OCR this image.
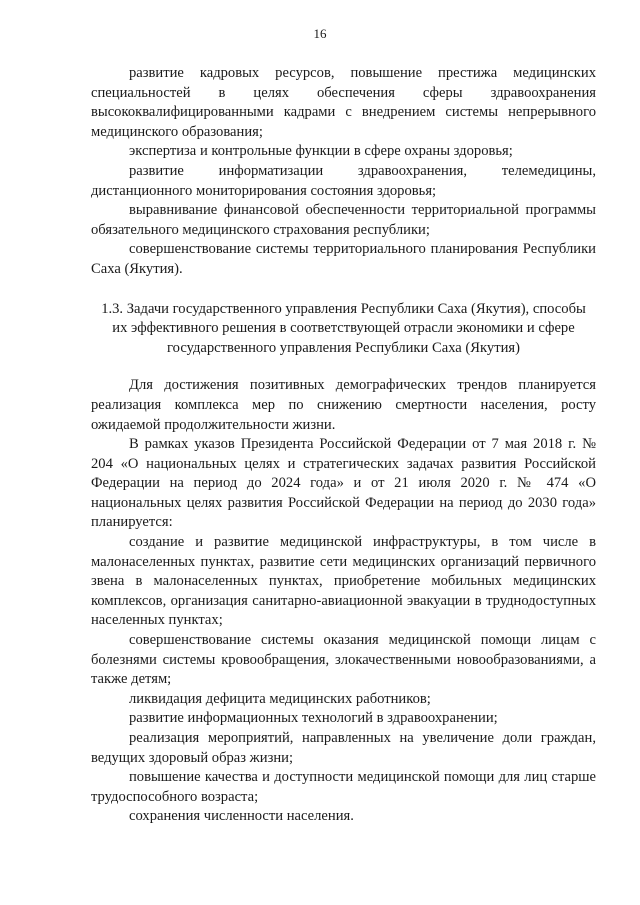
16

развитие кадровых ресурсов, повышение престижа медицинских специальностей в целях обеспечения сферы здравоохранения высококвалифицированными кадрами с внедрением системы непрерывного медицинского образования;

экспертиза и контрольные функции в сфере охраны здоровья;

развитие информатизации здравоохранения, телемедицины, дистанционного мониторирования состояния здоровья;

выравнивание финансовой обеспеченности территориальной программы обязательного медицинского страхования республики;

совершенствование системы территориального планирования Республики Саха (Якутия).

1.3. Задачи государственного управления Республики Саха (Якутия), способы их эффективного решения в соответствующей отрасли экономики и сфере государственного управления Республики Саха (Якутия)

Для достижения позитивных демографических трендов планируется реализация комплекса мер по снижению смертности населения, росту ожидаемой продолжительности жизни.

В рамках указов Президента Российской Федерации от 7 мая 2018 г. № 204 «О национальных целях и стратегических задачах развития Российской Федерации на период до 2024 года» и от 21 июля 2020 г. № 474 «О национальных целях развития Российской Федерации на период до 2030 года» планируется:

создание и развитие медицинской инфраструктуры, в том числе в малонаселенных пунктах, развитие сети медицинских организаций первичного звена в малонаселенных пунктах, приобретение мобильных медицинских комплексов, организация санитарно-авиационной эвакуации в труднодоступных населенных пунктах;

совершенствование системы оказания медицинской помощи лицам с болезнями системы кровообращения, злокачественными новообразованиями, а также детям;

ликвидация дефицита медицинских работников;

развитие информационных технологий в здравоохранении;

реализация мероприятий, направленных на увеличение доли граждан, ведущих здоровый образ жизни;

повышение качества и доступности медицинской помощи для лиц старше трудоспособного возраста;

сохранения численности населения.
